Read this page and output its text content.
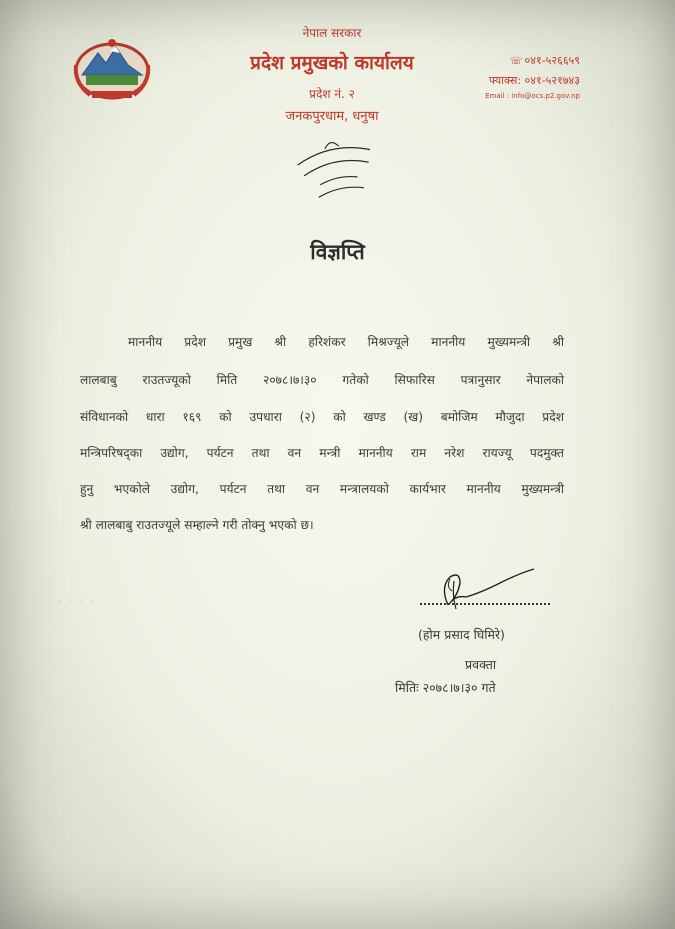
नेपाल सरकार
प्रदेश प्रमुखको कार्यालय
प्रदेश नं. २
जनकपुरधाम, धनुषा
☏ ०४१-५२६६५९
फ्याक्स: ०४१-५२१७४३
Email : info@ocs.p2.gov.np
विज्ञप्ति
माननीय प्रदेश प्रमुख श्री हरिशंकर मिश्रज्यूले माननीय मुख्यमन्त्री श्री
लालबाबु राउतज्यूको मिति २०७८।७।३० गतेको सिफारिस पत्रानुसार नेपालको
संविधानको धारा १६९ को उपधारा (२) को खण्ड (ख) बमोजिम मौजुदा प्रदेश
मन्त्रिपरिषद्का उद्योग, पर्यटन तथा वन मन्त्री माननीय राम नरेश रायज्यू पदमुक्त
हुनु भएकोले उद्योग, पर्यटन तथा वन मन्त्रालयको कार्यभार माननीय मुख्यमन्त्री
श्री लालबाबु राउतज्यूले सम्हाल्ने गरी तोक्नु भएको छ।
· · · ·
(होम प्रसाद घिमिरे)
प्रवक्ता
मितिः २०७८।७।३० गते
